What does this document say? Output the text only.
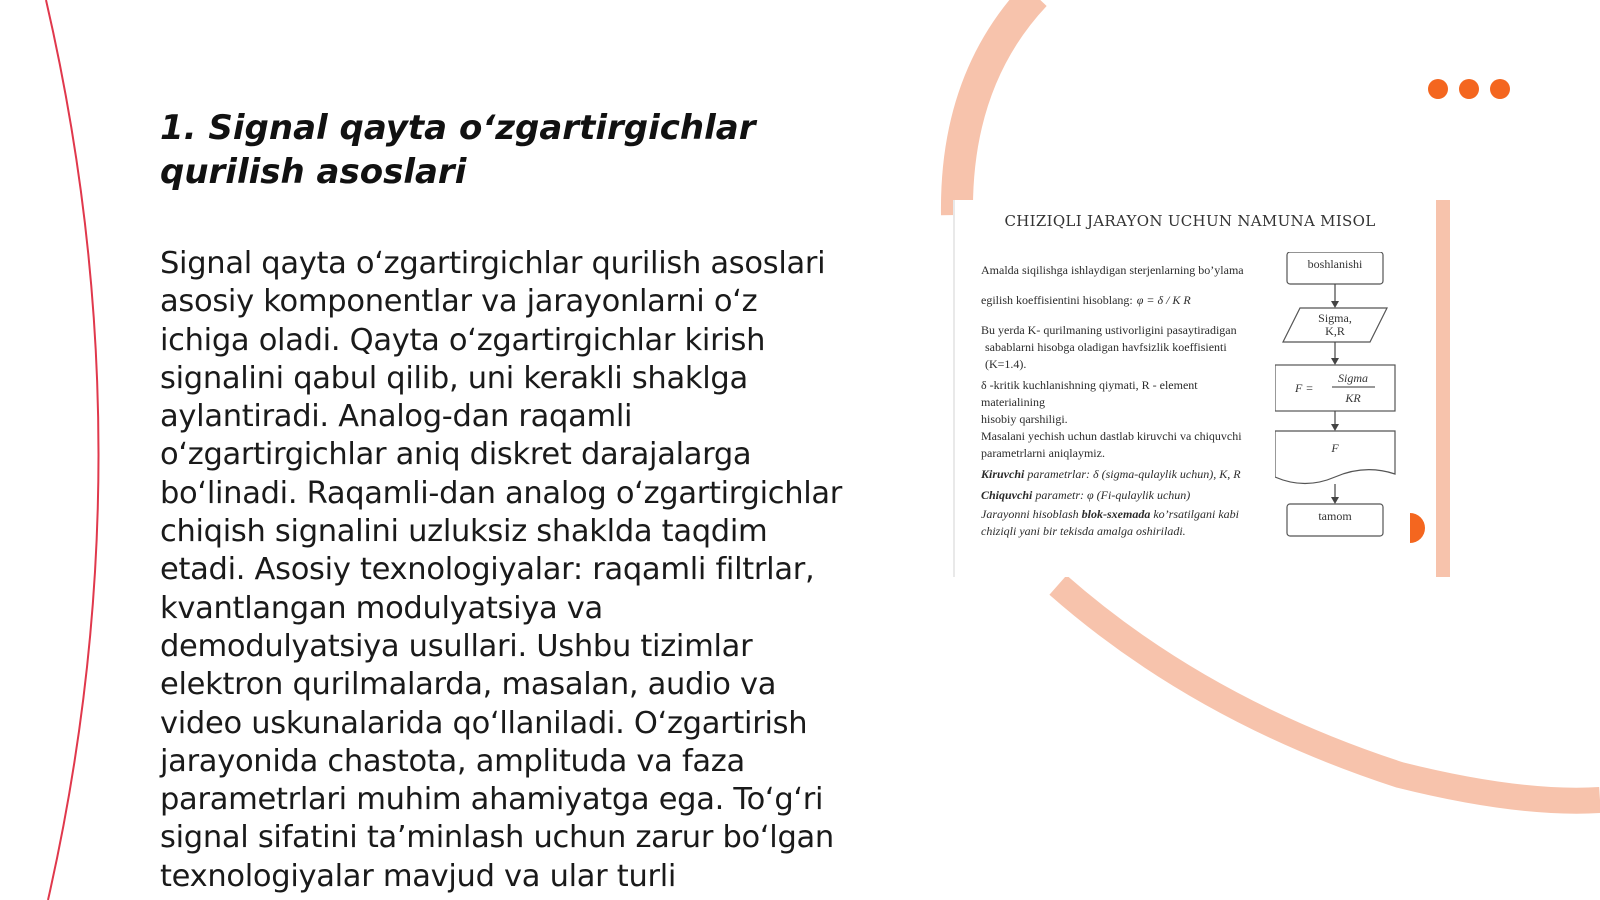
1. Signal qayta o‘zgartirgichlar qurilish asoslari

Signal qayta o‘zgartirgichlar qurilish asoslari asosiy komponentlar va jarayonlarni o‘z ichiga oladi. Qayta o‘zgartirgichlar kirish signalini qabul qilib, uni kerakli shaklga aylantiradi. Analog-dan raqamli o‘zgartirgichlar aniq diskret darajalarga bo‘linadi. Raqamli-dan analog o‘zgartirgichlar chiqish signalini uzluksiz shaklda taqdim etadi. Asosiy texnologiyalar: raqamli filtrlar, kvantlangan modulyatsiya va demodulyatsiya usullari. Ushbu tizimlar elektron qurilmalarda, masalan, audio va video uskunalarida qo‘llaniladi. O‘zgartirish jarayonida chastota, amplituda va faza parametrlari muhim ahamiyatga ega. To‘g‘ri signal sifatini ta’minlash uchun zarur bo‘lgan texnologiyalar mavjud va ular turli

CHIZIQLI JARAYON UCHUN NAMUNA MISOL

Amalda siqilishga ishlaydigan sterjenlarning bo’ylama

egilish koeffisientini hisoblang: φ = δ / K R

Bu yerda K- qurilmaning ustivorligini pasaytiradigan

sabablarni hisobga oladigan havfsizlik koeffisienti (K=1.4).

δ -kritik kuchlanishning qiymati, R - element materialining

hisobiy qarshiligi.

Masalani yechish uchun dastlab kiruvchi va chiquvchi

parametrlarni aniqlaymiz.

Kiruvchi parametrlar: δ (sigma-qulaylik uchun), K, R

Chiquvchi parametr: φ (Fi-qulaylik uchun)

Jarayonni hisoblash blok-sxemada ko’rsatilgani kabi

chiziqli yani bir tekisda amalga oshiriladi.

boshlanishi
Sigma,
K,R
F =
Sigma
KR
F
tamom
